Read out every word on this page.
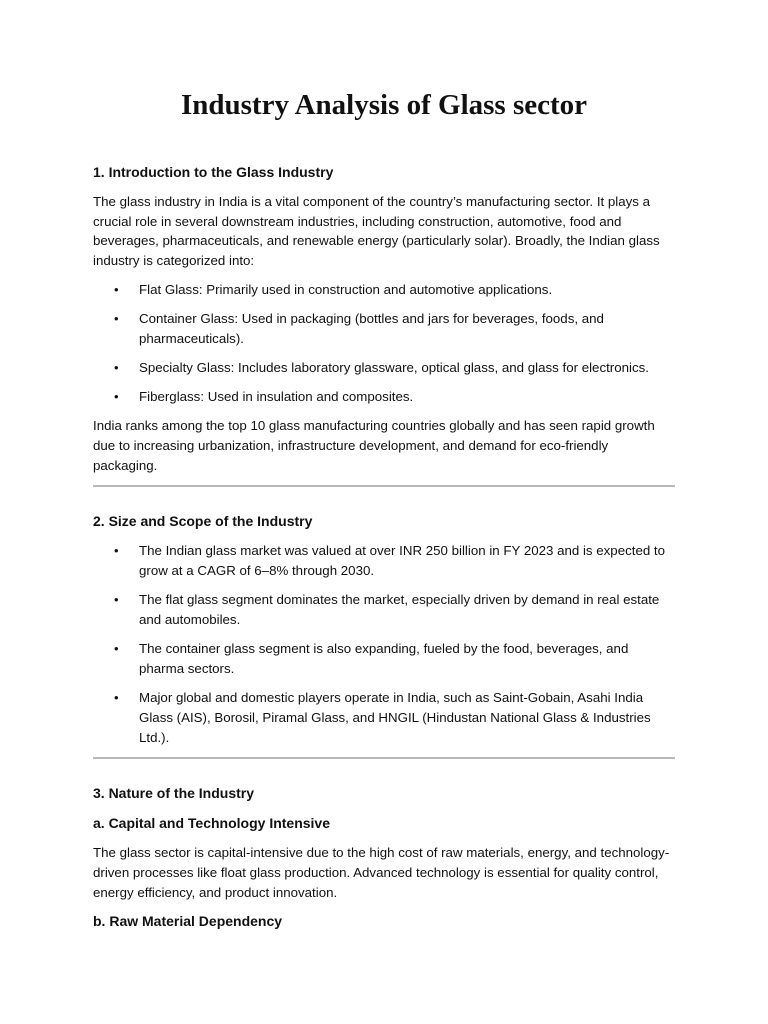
Industry Analysis of Glass sector
1. Introduction to the Glass Industry

The glass industry in India is a vital component of the country’s manufacturing sector. It plays a crucial role in several downstream industries, including construction, automotive, food and beverages, pharmaceuticals, and renewable energy (particularly solar). Broadly, the Indian glass industry is categorized into:

• Flat Glass: Primarily used in construction and automotive applications.
• Container Glass: Used in packaging (bottles and jars for beverages, foods, and pharmaceuticals).
• Specialty Glass: Includes laboratory glassware, optical glass, and glass for electronics.
• Fiberglass: Used in insulation and composites.

India ranks among the top 10 glass manufacturing countries globally and has seen rapid growth due to increasing urbanization, infrastructure development, and demand for eco-friendly packaging.

2. Size and Scope of the Industry
• The Indian glass market was valued at over INR 250 billion in FY 2023 and is expected to grow at a CAGR of 6–8% through 2030.
• The flat glass segment dominates the market, especially driven by demand in real estate and automobiles.
• The container glass segment is also expanding, fueled by the food, beverages, and pharma sectors.
• Major global and domestic players operate in India, such as Saint-Gobain, Asahi India Glass (AIS), Borosil, Piramal Glass, and HNGIL (Hindustan National Glass & Industries Ltd.).
3. Nature of the Industry
a. Capital and Technology Intensive

The glass sector is capital-intensive due to the high cost of raw materials, energy, and technology-driven processes like float glass production. Advanced technology is essential for quality control, energy efficiency, and product innovation.

b. Raw Material Dependency
